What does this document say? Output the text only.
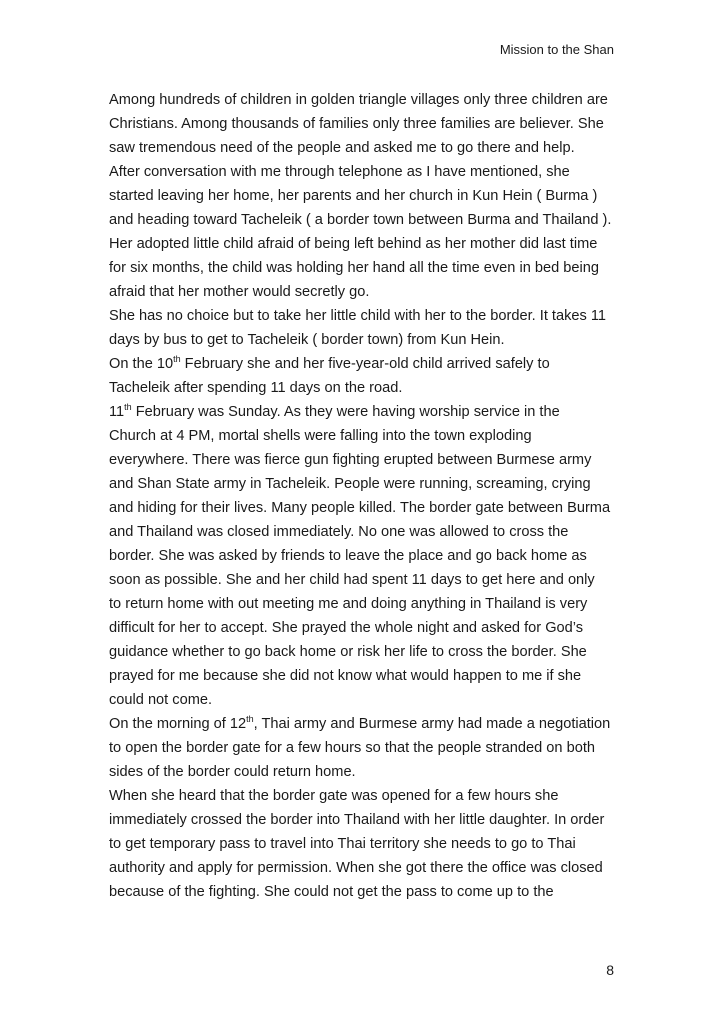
Mission to the Shan
Among hundreds of children in golden triangle villages only three children are
Christians. Among thousands of families only three families are believer. She
saw tremendous need of the people and asked me to go there and help.
After conversation with me through telephone as I have mentioned, she
started leaving her home, her parents and her church in Kun Hein ( Burma )
and heading toward Tacheleik ( a border town between Burma and Thailand ).
Her adopted little child afraid of being left behind as her mother did last time
for six months, the child was holding her hand all the time even in bed being
afraid that her mother would secretly go.
She has no choice but to take her little child with her to the border. It takes 11
days by bus to get to Tacheleik ( border town) from Kun Hein.
On the 10th February she and her five-year-old child arrived safely to
Tacheleik after spending 11 days on the road.
11th February was Sunday. As they were having worship service in the
Church at 4 PM, mortal shells were falling into the town exploding
everywhere. There was fierce gun fighting erupted between Burmese army
and Shan State army in Tacheleik. People were running, screaming, crying
and hiding for their lives. Many people killed. The border gate between Burma
and Thailand was closed immediately. No one was allowed to cross the
border. She was asked by friends to leave the place and go back home as
soon as possible. She and her child had spent 11 days to get here and only
to return home with out meeting me and doing anything in Thailand is very
difficult for her to accept. She prayed the whole night and asked for God’s
guidance whether to go back home or risk her life to cross the border. She
prayed for me because she did not know what would happen to me if she
could not come.
On the morning of 12th, Thai army and Burmese army had made a negotiation
to open the border gate for a few hours so that the people stranded on both
sides of the border could return home.
When she heard that the border gate was opened for a few hours she
immediately crossed the border into Thailand with her little daughter. In order
to get temporary pass to travel into Thai territory she needs to go to Thai
authority and apply for permission. When she got there the office was closed
because of the fighting. She could not get the pass to come up to the
8
